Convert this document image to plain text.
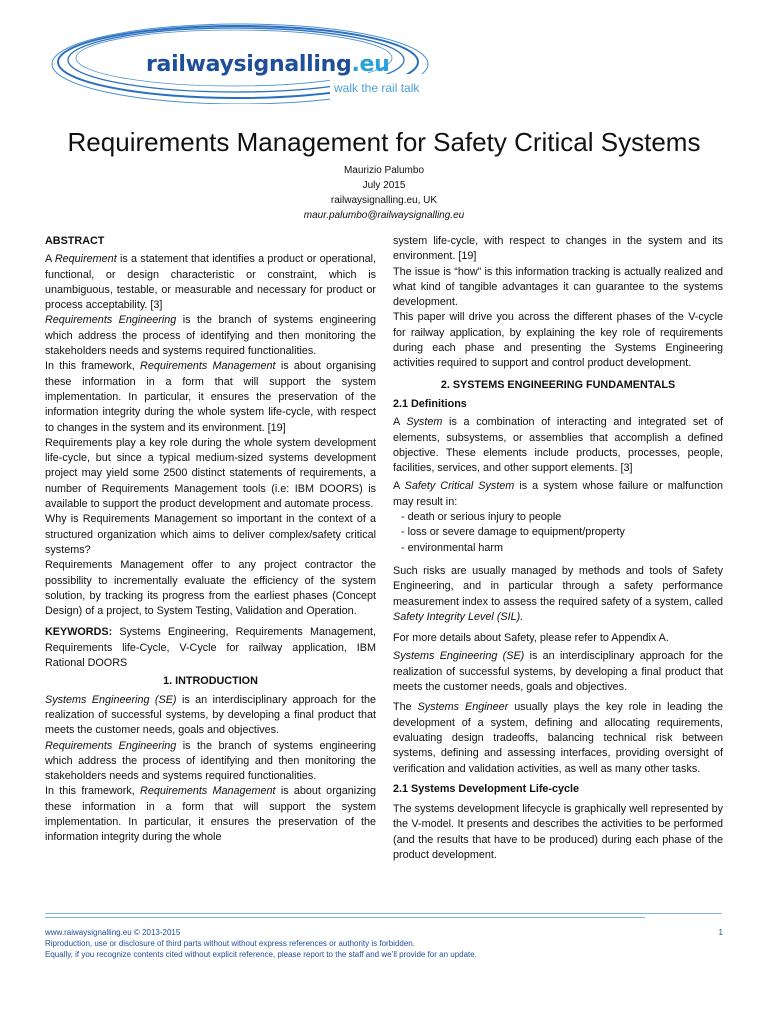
railwaysignalling.eu
walk the rail talk
Requirements Management for Safety Critical Systems
Maurizio Palumbo
July 2015
railwaysignalling.eu, UK
maur.palumbo@railwaysignalling.eu

ABSTRACT

A Requirement is a statement that identifies a product or operational, functional, or design characteristic or constraint, which is unambiguous, testable, or measurable and necessary for product or process acceptability. [3]

Requirements Engineering is the branch of systems engineering which address the process of identifying and then monitoring the stakeholders needs and systems required functionalities.

In this framework, Requirements Management is about organising these information in a form that will support the system implementation. In particular, it ensures the preservation of the information integrity during the whole system life-cycle, with respect to changes in the system and its environment. [19]

Requirements play a key role during the whole system development life-cycle, but since a typical medium-sized systems development project may yield some 2500 distinct statements of requirements, a number of Requirements Management tools (i.e: IBM DOORS) is available to support the product development and automate process.

Why is Requirements Management so important in the context of a structured organization which aims to deliver complex/safety critical systems?

Requirements Management offer to any project contractor the possibility to incrementally evaluate the efficiency of the system solution, by tracking its progress from the earliest phases (Concept Design) of a project, to System Testing, Validation and Operation.

KEYWORDS: Systems Engineering, Requirements Management, Requirements life-Cycle, V-Cycle for railway application, IBM Rational DOORS

1. INTRODUCTION

Systems Engineering (SE) is an interdisciplinary approach for the realization of successful systems, by developing a final product that meets the customer needs, goals and objectives.

Requirements Engineering is the branch of systems engineering which address the process of identifying and then monitoring the stakeholders needs and systems required functionalities.

In this framework, Requirements Management is about organizing these information in a form that will support the system implementation. In particular, it ensures the preservation of the information integrity during the whole

system life-cycle, with respect to changes in the system and its environment. [19]

The issue is “how” is this information tracking is actually realized and what kind of tangible advantages it can guarantee to the systems development.

This paper will drive you across the different phases of the V-cycle for railway application, by explaining the key role of requirements during each phase and presenting the Systems Engineering activities required to support and control product development.

2. SYSTEMS ENGINEERING FUNDAMENTALS

2.1 Definitions

A System is a combination of interacting and integrated set of elements, subsystems, or assemblies that accomplish a defined objective. These elements include products, processes, people, facilities, services, and other support elements. [3]

A Safety Critical System is a system whose failure or malfunction may result in:

- death or serious injury to people
- loss or severe damage to equipment/property
- environmental harm

Such risks are usually managed by methods and tools of Safety Engineering, and in particular through a safety performance measurement index to assess the required safety of a system, called Safety Integrity Level (SIL).

For more details about Safety, please refer to Appendix A.

Systems Engineering (SE) is an interdisciplinary approach for the realization of successful systems, by developing a final product that meets the customer needs, goals and objectives.

The Systems Engineer usually plays the key role in leading the development of a system, defining and allocating requirements, evaluating design tradeoffs, balancing technical risk between systems, defining and assessing interfaces, providing oversight of verification and validation activities, as well as many other tasks.

2.1 Systems Development Life-cycle

The systems development lifecycle is graphically well represented by the V-model. It presents and describes the activities to be performed (and the results that have to be produced) during each phase of the product development.

www.raiwaysignalling.eu © 2013-2015	1
Riproduction, use or disclosure of third parts without without express references or authority is forbidden.
Equally, if you recognize contents cited without explicit reference, please report to the staff and we’ll provide for an update.
